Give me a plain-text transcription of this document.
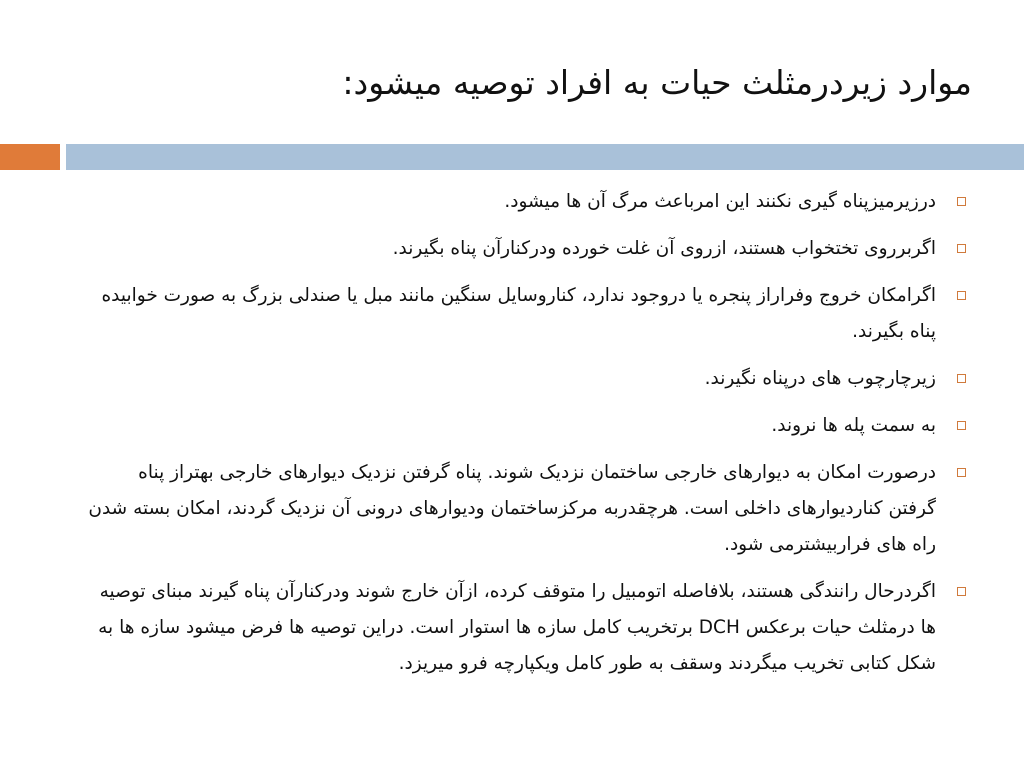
موارد زیردرمثلث حیات به افراد توصیه میشود:
درزیرمیزپناه گیری نکنند این امرباعث مرگ آن ها میشود.
اگربرروی تختخواب هستند، ازروی آن غلت خورده ودرکنارآن پناه بگیرند.
اگرامکان خروج وفراراز پنجره یا دروجود ندارد، کناروسایل سنگین مانند مبل یا صندلی بزرگ به صورت خوابیده پناه بگیرند.
زیرچارچوب های درپناه نگیرند.
به سمت پله ها نروند.
درصورت امکان به دیوارهای خارجی ساختمان نزدیک شوند. پناه گرفتن نزدیک دیوارهای خارجی بهتراز پناه گرفتن کناردیوارهای داخلی است. هرچقدربه مرکزساختمان ودیوارهای درونی آن نزدیک گردند، امکان بسته شدن راه های فراربیشترمی شود.
اگردرحال رانندگی هستند، بلافاصله اتومبیل را متوقف کرده، ازآن خارج شوند ودرکنارآن پناه گیرند مبنای توصیه ها درمثلث حیات برعکس DCH برتخریب کامل سازه ها استوار است. دراین توصیه ها فرض میشود سازه ها به شکل کتابی تخریب میگردند وسقف به طور کامل ویکپارچه فرو میریزد.
